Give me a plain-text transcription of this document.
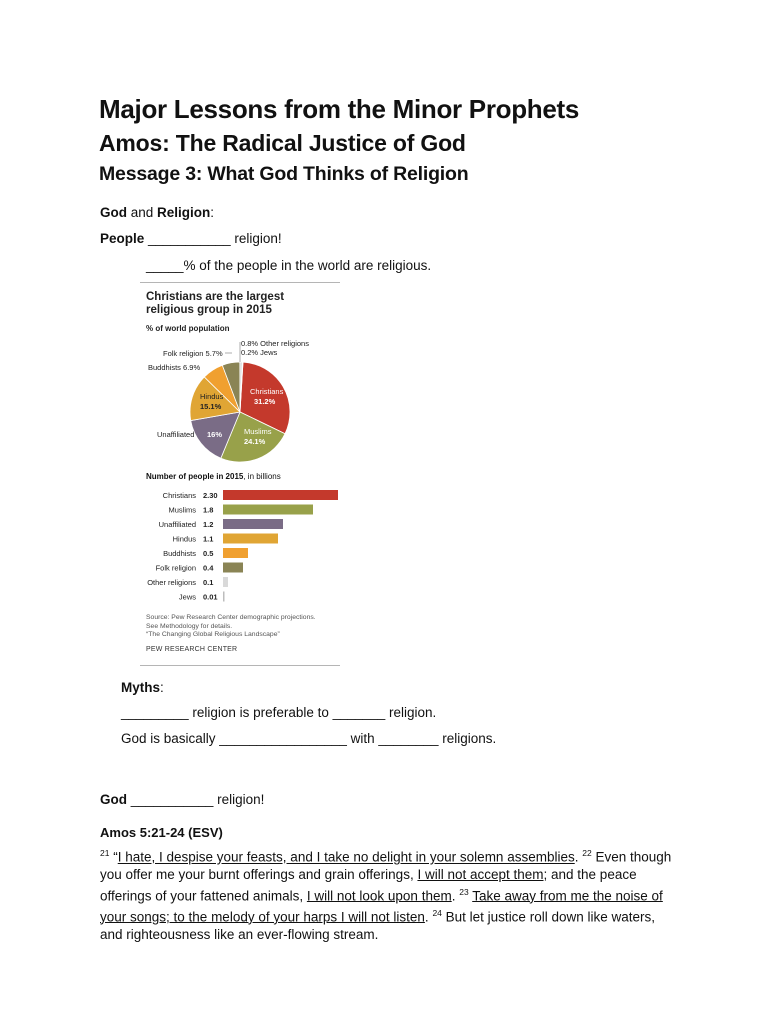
Major Lessons from the Minor Prophets
Amos: The Radical Justice of God
Message 3: What God Thinks of Religion
God and Religion:
People ___________ religion!
_____% of the people in the world are religious.
Christians are the largest religious group in 2015
% of world population
0.8% Other religions
0.2% Jews
Folk religion 5.7%
Buddhists 6.9%
Christians
31.2%
Hindus
15.1%
Unaffiliated 16%	Muslims
24.1%
Number of people in 2015, in billions
Christians 2.30
Muslims 1.8
Unaffiliated 1.2
Hindus 1.1
Buddhists 0.5
Folk religion 0.4
Other religions 0.1
Jews 0.01
Source: Pew Research Center demographic projections.
See Methodology for details.
“The Changing Global Religious Landscape”
PEW RESEARCH CENTER
Myths:
_________ religion is preferable to _______ religion.
God is basically _________________ with ________ religions.
God ___________ religion!
Amos 5:21-24 (ESV)
$^{21}$ “I hate, I despise your feasts, and I take no delight in your solemn assemblies. $^{22}$ Even though you offer me your burnt offerings and grain offerings, I will not accept them; and the peace offerings of your fattened animals, I will not look upon them. $^{23}$ Take away from me the noise of your songs; to the melody of your harps I will not listen. $^{24}$ But let justice roll down like waters, and righteousness like an ever-flowing stream.
